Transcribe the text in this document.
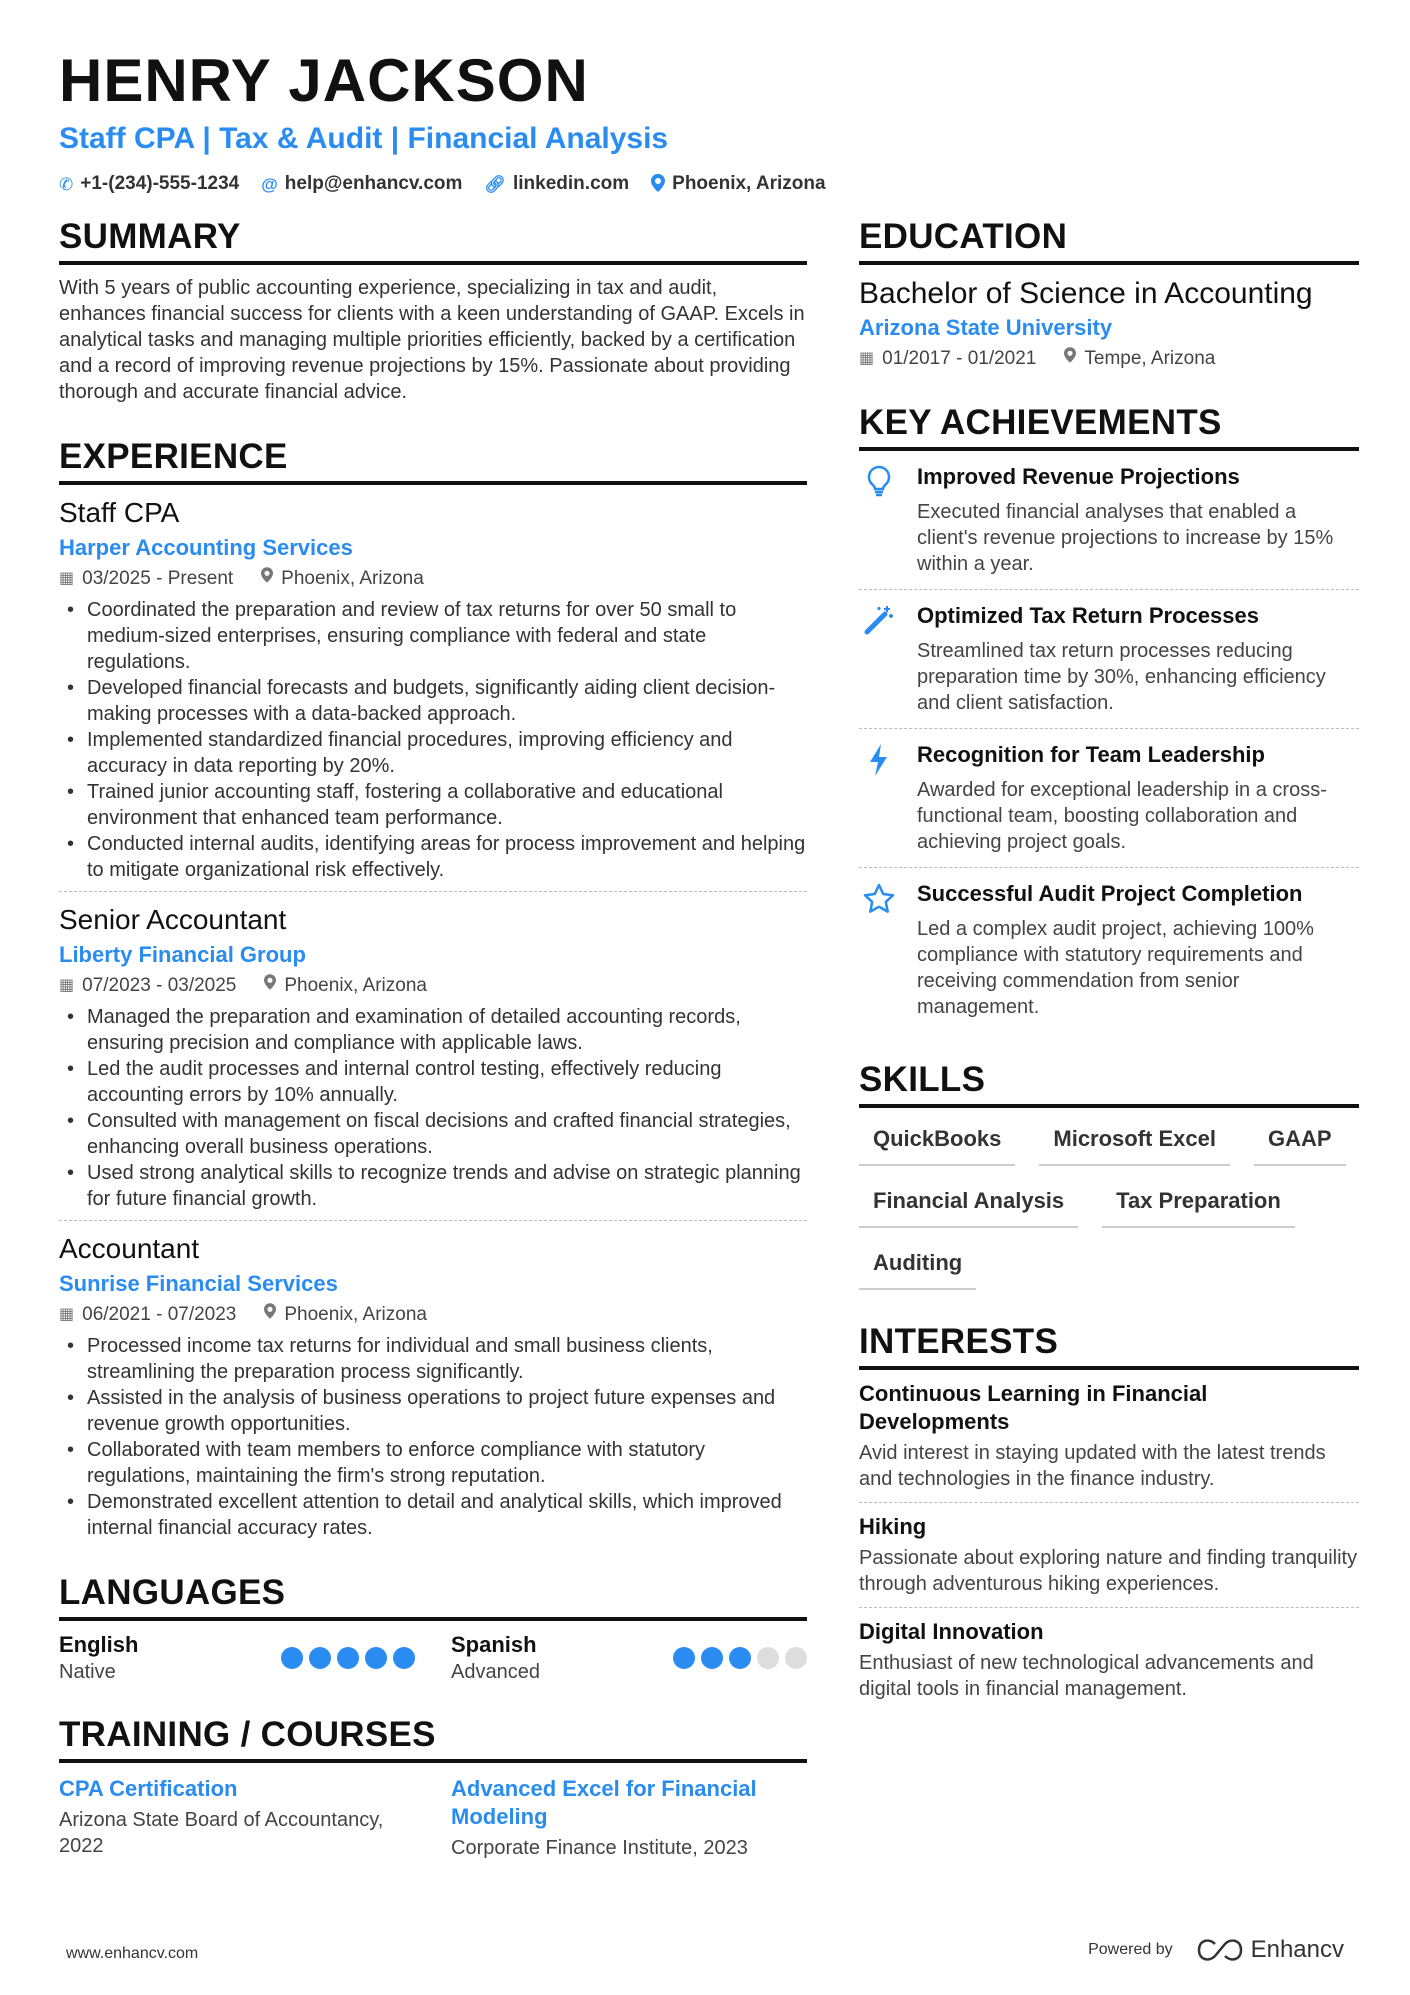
HENRY JACKSON
Staff CPA | Tax & Audit | Financial Analysis
✆ +1-(234)-555-1234 @ help@enhancv.com 🔗︎ linkedin.com Phoenix, Arizona
SUMMARY

With 5 years of public accounting experience, specializing in tax and audit, enhances financial success for clients with a keen understanding of GAAP. Excels in analytical tasks and managing multiple priorities efficiently, backed by a certification and a record of improving revenue projections by 15%. Passionate about providing thorough and accurate financial advice.

EXPERIENCE
Staff CPA
Harper Accounting Services
▦ 03/2025 - Present	Phoenix, Arizona
• Coordinated the preparation and review of tax returns for over 50 small to medium-sized enterprises, ensuring compliance with federal and state regulations.
• Developed financial forecasts and budgets, significantly aiding client decision-making processes with a data-backed approach.
• Implemented standardized financial procedures, improving efficiency and accuracy in data reporting by 20%.
• Trained junior accounting staff, fostering a collaborative and educational environment that enhanced team performance.
• Conducted internal audits, identifying areas for process improvement and helping to mitigate organizational risk effectively.
Senior Accountant
Liberty Financial Group
▦ 07/2023 - 03/2025	Phoenix, Arizona
• Managed the preparation and examination of detailed accounting records, ensuring precision and compliance with applicable laws.
• Led the audit processes and internal control testing, effectively reducing accounting errors by 10% annually.
• Consulted with management on fiscal decisions and crafted financial strategies, enhancing overall business operations.
• Used strong analytical skills to recognize trends and advise on strategic planning for future financial growth.
Accountant
Sunrise Financial Services
▦ 06/2021 - 07/2023	Phoenix, Arizona
• Processed income tax returns for individual and small business clients, streamlining the preparation process significantly.
• Assisted in the analysis of business operations to project future expenses and revenue growth opportunities.
• Collaborated with team members to enforce compliance with statutory regulations, maintaining the firm's strong reputation.
• Demonstrated excellent attention to detail and analytical skills, which improved internal financial accuracy rates.
LANGUAGES
English
Native
Spanish
Advanced
TRAINING / COURSES
CPA Certification
Arizona State Board of Accountancy, 2022
Advanced Excel for Financial Modeling
Corporate Finance Institute, 2023
EDUCATION
Bachelor of Science in Accounting
Arizona State University
▦ 01/2017 - 01/2021	Tempe, Arizona
KEY ACHIEVEMENTS
Improved Revenue Projections
Executed financial analyses that enabled a client's revenue projections to increase by 15% within a year.
Optimized Tax Return Processes
Streamlined tax return processes reducing preparation time by 30%, enhancing efficiency and client satisfaction.
Recognition for Team Leadership
Awarded for exceptional leadership in a cross-functional team, boosting collaboration and achieving project goals.
Successful Audit Project Completion
Led a complex audit project, achieving 100% compliance with statutory requirements and receiving commendation from senior management.
SKILLS
QuickBooks	Microsoft Excel	GAAP
Financial Analysis	Tax Preparation
Auditing
INTERESTS
Continuous Learning in Financial Developments
Avid interest in staying updated with the latest trends and technologies in the finance industry.
Hiking
Passionate about exploring nature and finding tranquility through adventurous hiking experiences.
Digital Innovation
Enthusiast of new technological advancements and digital tools in financial management.
www.enhancv.com	Powered by	Enhancv
